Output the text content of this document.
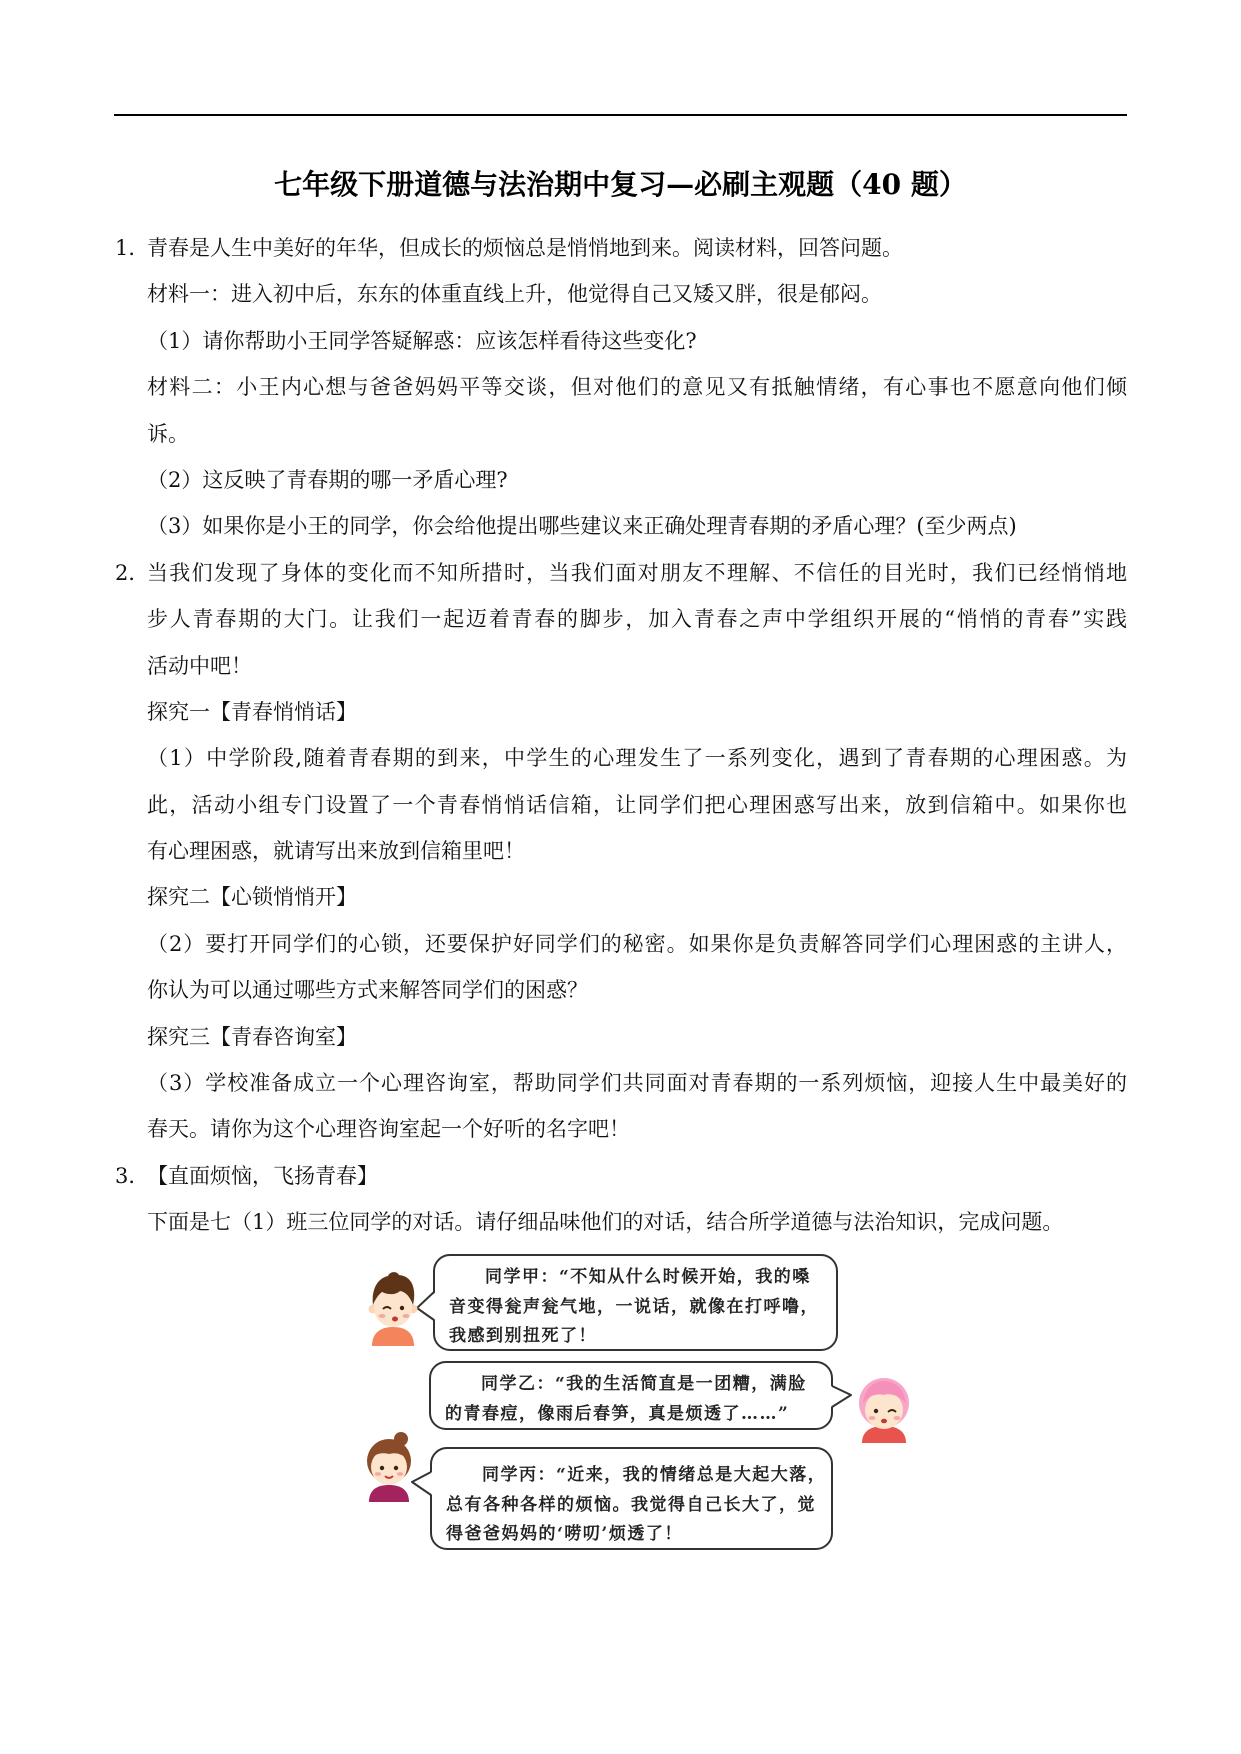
七年级下册道德与法治期中复习—必刷主观题（40 题）
1．
青春是人生中美好的年华，但成长的烦恼总是悄悄地到来。阅读材料，回答问题。
材料一：进入初中后，东东的体重直线上升，他觉得自己又矮又胖，很是郁闷。
（1）请你帮助小王同学答疑解惑：应该怎样看待这些变化?
材料二：小王内心想与爸爸妈妈平等交谈，但对他们的意见又有抵触情绪，有心事也不愿意向他们倾
诉。
（2）这反映了青春期的哪一矛盾心理?
（3）如果你是小王的同学，你会给他提出哪些建议来正确处理青春期的矛盾心理？(至少两点)
2．
当我们发现了身体的变化而不知所措时，当我们面对朋友不理解、不信任的目光时，我们已经悄悄地
步人青春期的大门。让我们一起迈着青春的脚步，加入青春之声中学组织开展的“悄悄的青春”实践
活动中吧！
探究一【青春悄悄话】
（1）中学阶段,随着青春期的到来，中学生的心理发生了一系列变化，遇到了青春期的心理困惑。为
此，活动小组专门设置了一个青春悄悄话信箱，让同学们把心理困惑写出来，放到信箱中。如果你也
有心理困惑，就请写出来放到信箱里吧！
探究二【心锁悄悄开】
（2）要打开同学们的心锁，还要保护好同学们的秘密。如果你是负责解答同学们心理困惑的主讲人，
你认为可以通过哪些方式来解答同学们的困惑？
探究三【青春咨询室】
（3）学校准备成立一个心理咨询室，帮助同学们共同面对青春期的一系列烦恼，迎接人生中最美好的
春天。请你为这个心理咨询室起一个好听的名字吧！
3．
【直面烦恼，飞扬青春】
下面是七（1）班三位同学的对话。请仔细品味他们的对话，结合所学道德与法治知识，完成问题。
同学甲：“不知从什么时候开始，我的嗓
音变得瓮声瓮气地，一说话，就像在打呼噜，
我感到别扭死了！
同学乙：“我的生活简直是一团糟，满脸
的青春痘，像雨后春笋，真是烦透了……”
同学丙：“近来，我的情绪总是大起大落，
总有各种各样的烦恼。我觉得自己长大了，觉
得爸爸妈妈的‘唠叨’烦透了！
